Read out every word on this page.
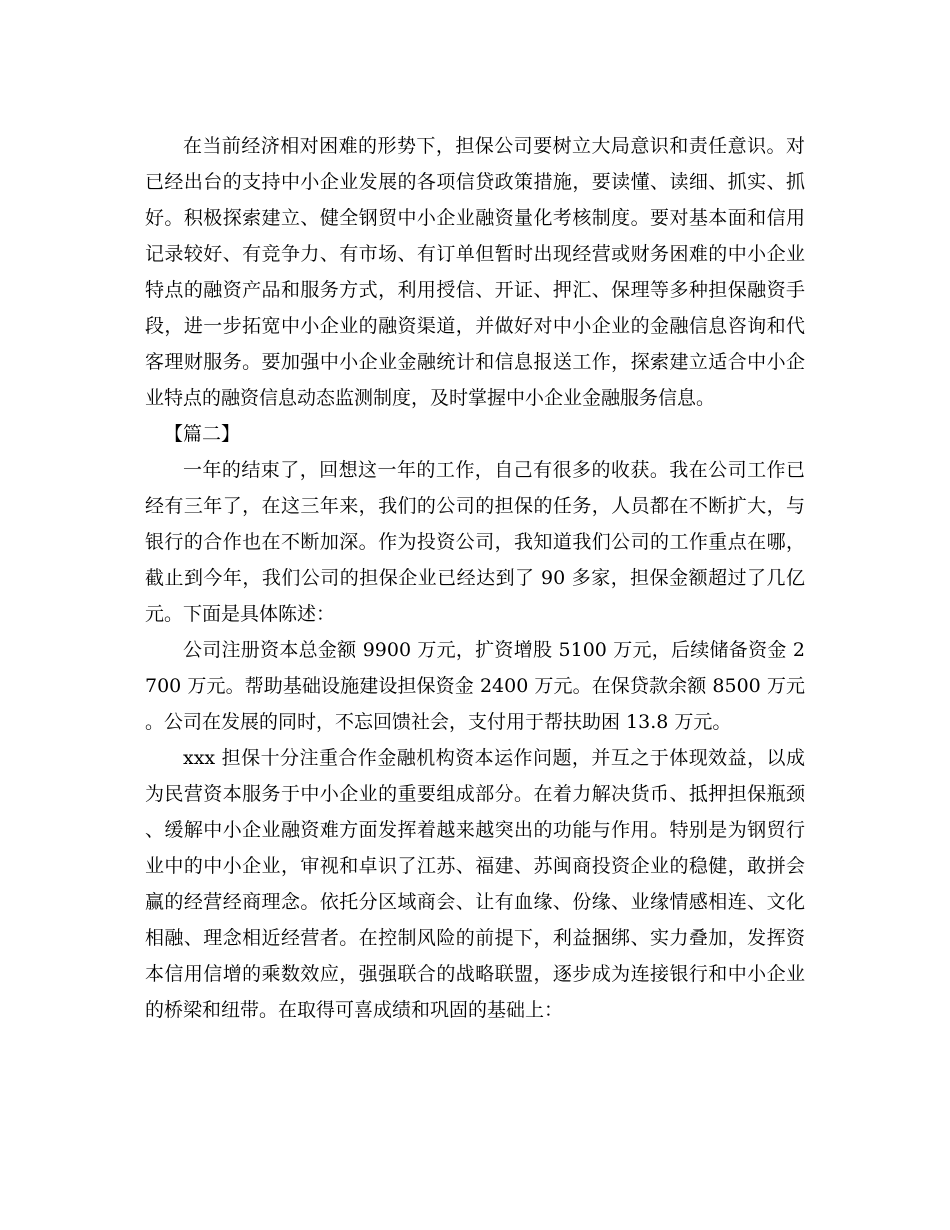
在当前经济相对困难的形势下，担保公司要树立大局意识和责任意识。对已经出台的支持中小企业发展的各项信贷政策措施，要读懂、读细、抓实、抓好。积极探索建立、健全钢贸中小企业融资量化考核制度。要对基本面和信用记录较好、有竞争力、有市场、有订单但暂时出现经营或财务困难的中小企业特点的融资产品和服务方式，利用授信、开证、押汇、保理等多种担保融资手段，进一步拓宽中小企业的融资渠道，并做好对中小企业的金融信息咨询和代客理财服务。要加强中小企业金融统计和信息报送工作，探索建立适合中小企业特点的融资信息动态监测制度，及时掌握中小企业金融服务信息。

【篇二】

一年的结束了，回想这一年的工作，自己有很多的收获。我在公司工作已经有三年了，在这三年来，我们的公司的担保的任务，人员都在不断扩大，与银行的合作也在不断加深。作为投资公司，我知道我们公司的工作重点在哪，截止到今年，我们公司的担保企业已经达到了 90 多家，担保金额超过了几亿元。下面是具体陈述：

公司注册资本总金额 9900 万元，扩资增股 5100 万元，后续储备资金 2700 万元。帮助基础设施建设担保资金 2400 万元。在保贷款余额 8500 万元。公司在发展的同时，不忘回馈社会，支付用于帮扶助困 13.8 万元。

xxx 担保十分注重合作金融机构资本运作问题，并互之于体现效益，以成为民营资本服务于中小企业的重要组成部分。在着力解决货币、抵押担保瓶颈、缓解中小企业融资难方面发挥着越来越突出的功能与作用。特别是为钢贸行业中的中小企业，审视和卓识了江苏、福建、苏闽商投资企业的稳健，敢拼会赢的经营经商理念。依托分区域商会、让有血缘、份缘、业缘情感相连、文化相融、理念相近经营者。在控制风险的前提下，利益捆绑、实力叠加，发挥资本信用信增的乘数效应，强强联合的战略联盟，逐步成为连接银行和中小企业的桥梁和纽带。在取得可喜成绩和巩固的基础上：
